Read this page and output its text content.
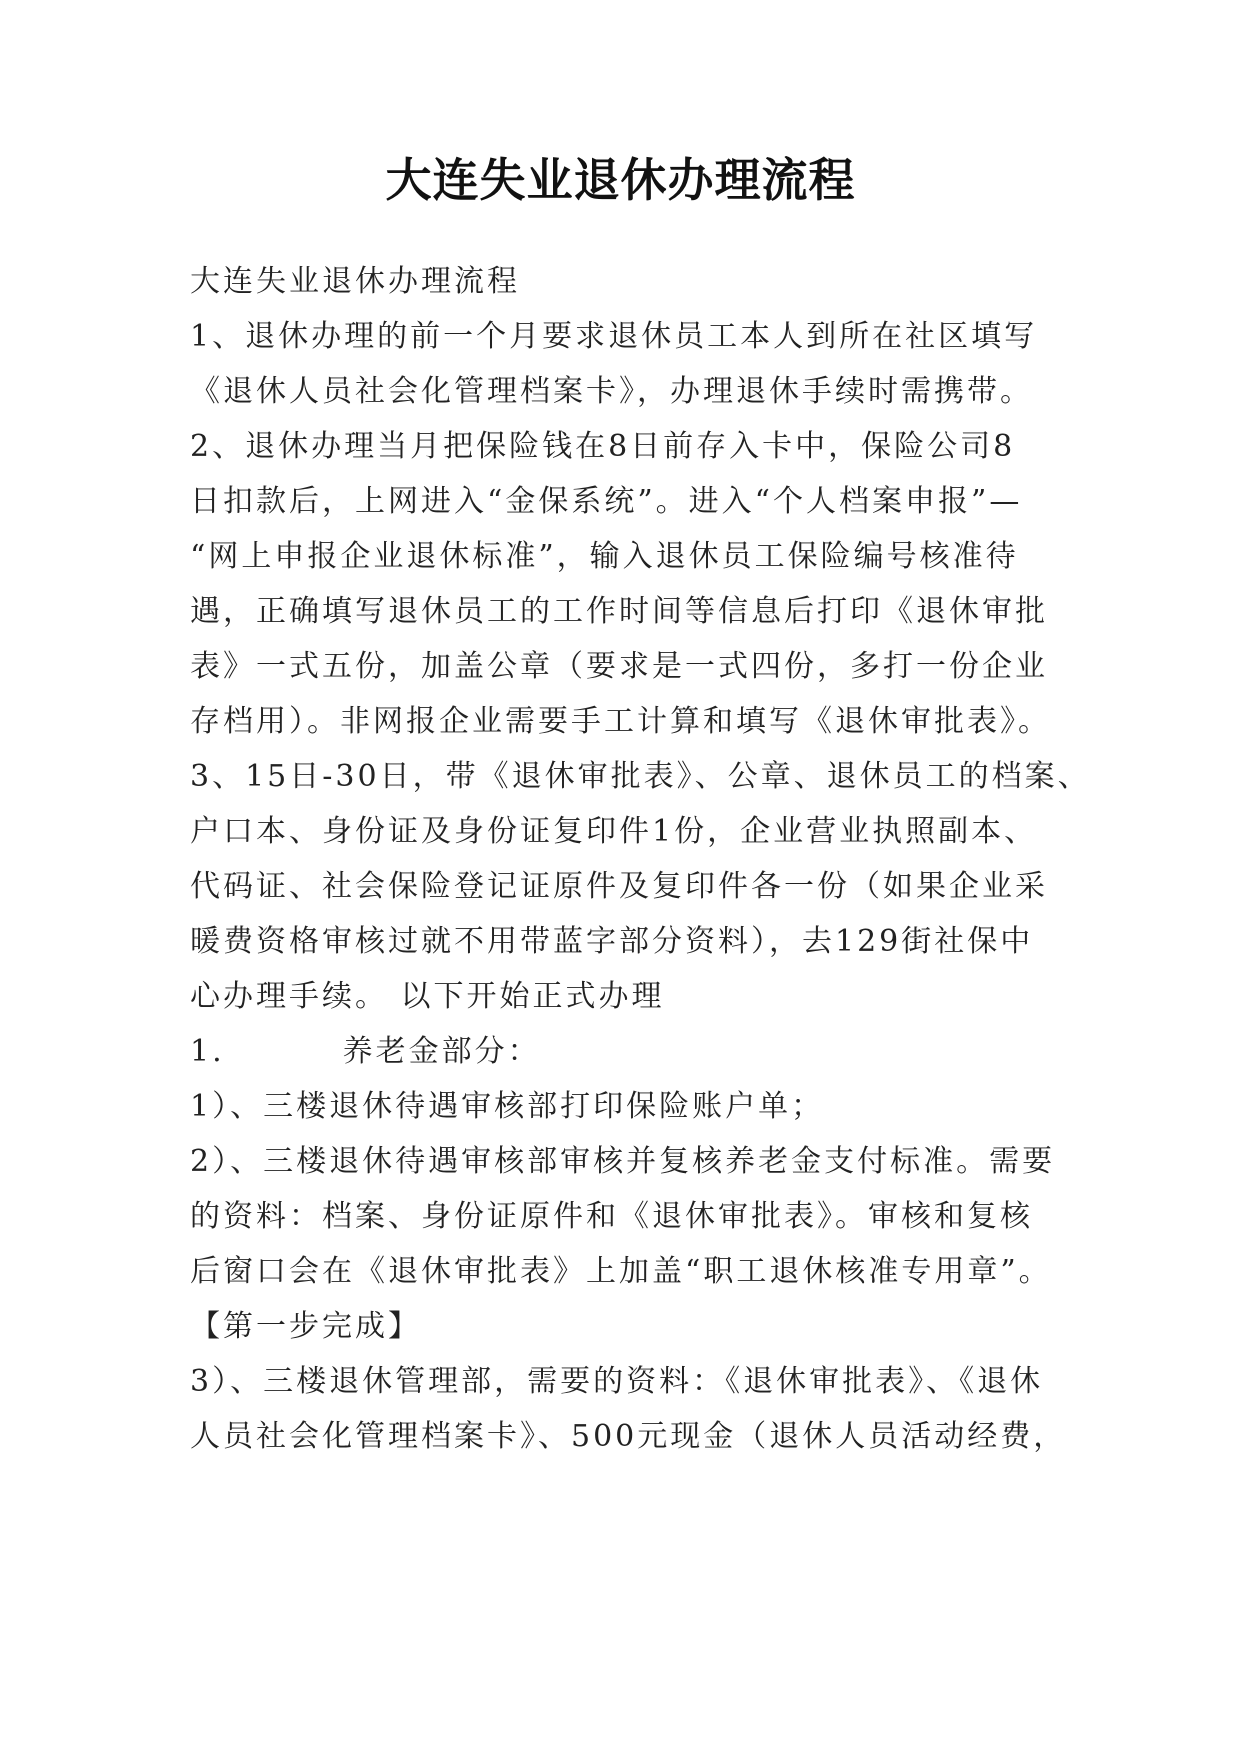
大连失业退休办理流程
大连失业退休办理流程
1、退休办理的前一个月要求退休员工本人到所在社区填写
《退休人员社会化管理档案卡》，办理退休手续时需携带。
2、退休办理当月把保险钱在8日前存入卡中，保险公司8
日扣款后，上网进入“金保系统”。进入“个人档案申报”—
“网上申报企业退休标准”，输入退休员工保险编号核准待
遇，正确填写退休员工的工作时间等信息后打印《退休审批
表》一式五份，加盖公章（要求是一式四份，多打一份企业
存档用）。非网报企业需要手工计算和填写《退休审批表》。
3、15日-30日，带《退休审批表》、公章、退休员工的档案、
户口本、身份证及身份证复印件1份，企业营业执照副本、
代码证、社会保险登记证原件及复印件各一份（如果企业采
暖费资格审核过就不用带蓝字部分资料），去129街社保中
心办理手续。 以下开始正式办理
1.	养老金部分：
1）、三楼退休待遇审核部打印保险账户单；
2）、三楼退休待遇审核部审核并复核养老金支付标准。需要
的资料：档案、身份证原件和《退休审批表》。审核和复核
后窗口会在《退休审批表》上加盖“职工退休核准专用章”。
【第一步完成】
3）、三楼退休管理部，需要的资料：《退休审批表》、《退休
人员社会化管理档案卡》、500元现金（退休人员活动经费，
